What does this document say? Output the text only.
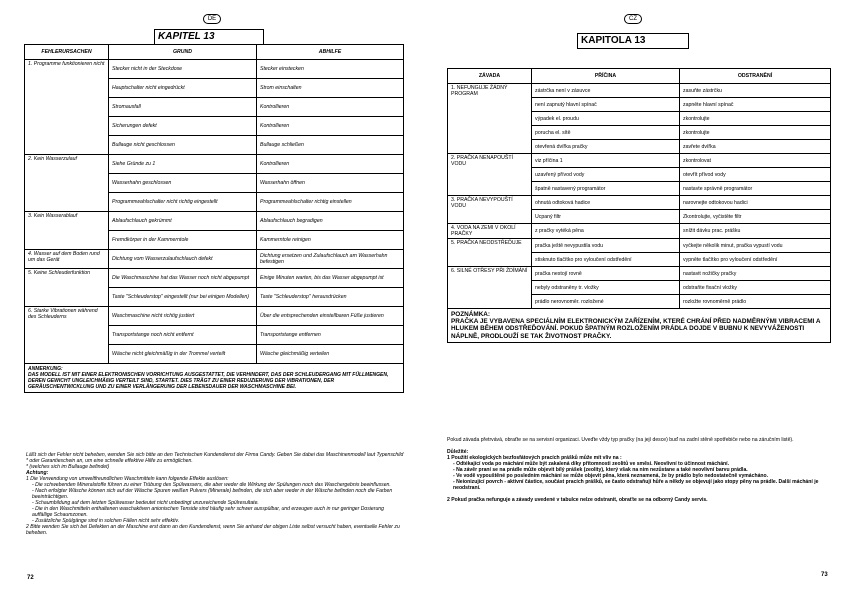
DE
KAPITEL 13
FEHLERURSACHEN	GRUND	ABHILFE
1. Programme funktionieren nicht	Stecker nicht in der Steckdose	Stecker einstecken
	Hauptschalter nicht eingedrückt	Strom einschalten
	Stromausfall	Kontrollieren
	Sicherungen defekt	Kontrollieren
	Bullauge nicht geschlossen	Bullauge schließen
2. Kein Wasserzulauf	Siehe Gründe zu 1	Kontrollieren
	Wasserhahn geschlossen	Wasserhahn öffnen
	Programmwahlschalter nicht richtig eingestellt	Programmwahlschalter richtig einstellen
3. Kein Wasserablauf	Ablaufschlauch gekrümmt	Ablaufschlauch begradigen
	Fremdkörper in der Kammerntole	Kammerntole reinigen
4. Wasser auf dem Boden rund um das Gerät	Dichtung vom Wasserzulaufschlauch defekt	Dichtung ersetzen und Zulaufschlauch am Wasserhahn befestigen
5. Keine Schleuderfunktion	Die Waschmaschine hat das Wasser noch nicht abgepumpt	Einige Minuten warten, bis das Wasser abgepumpt ist
	Taste "Schleuderstop" eingestellt (nur bei einigen Modellen)	Taste "Schleuderstop" herausdrücken
6. Starke Vibrationen während des Schleuderns	Waschmaschine nicht richtig justiert	Über die entsprechenden einstellbaren Füße justieren
	Transportstange noch nicht entfernt	Transportstange entfernen
	Wäsche nicht gleichmäßig in der Trommel verteilt	Wäsche gleichmäßig verteilen

ANMERKUNG:
DAS MODELL IST MIT EINER ELEKTRONISCHEN VORRICHTUNG AUSGESTATTET, DIE VERHINDERT, DAS DER SCHLEUDERGANG MIT FÜLLMENGEN, DEREN GEWICHT UNGLEICHMÄßIG VERTEILT SIND, STARTET. DIES TRÄGT ZU EINER REDUZIERUNG DER VIBRATIONEN, DER GERÄUSCHENTWICKLUNG UND ZU EINER VERLÄNGERUNG DER LEBENSDAUER DER WASCHMASCHINE BEI.		

Läßt sich der Fehler nicht beheben, wenden Sie sich bitte an den Technischen Kundendienst der Firma Candy. Geben Sie dabei das Maschinenmodell laut Typenschild * oder Garantieschein an, um eine schnelle effektive Hilfe zu ermöglichen.

* (welches sich im Bullauge befindet)

Achtung:

1 Die Verwendung von umweltfreundlichen Waschmitteln kann folgende Effekte auslösen:

- Die schwebenden Mineralstoffe führen zu einer Trübung des Spülwassers, die aber weder die Wirkung der Spülungen noch das Waschergebnis beeinflussen.

- Nach erfolgter Wäsche können sich auf der Wäsche Spuren weißen Pulvers (Minerale) befinden, die sich aber weder in der Wäsche befinden noch die Farben beeinträchtigen.

- Schaumbildung auf dem letzten Spülwasser bedeutet nicht unbedingt unzureichende Spülresultate.

- Die in den Waschmitteln enthaltenen waschaktiven anionischen Tenside sind häufig sehr schwer ausspülbar, und erzeugen auch in nur geringer Dosierung auffällige Schaumzonen.

- Zusätzliche Spülgänge sind in solchen Fällen nicht sehr effektiv.

2 Bitte wenden Sie sich bei Defekten an der Maschine erst dann an den Kundendienst, wenn Sie anhand der obigen Liste selbst versucht haben, eventuelle Fehler zu beheben.

72
CZ
KAPITOLA 13
ZÁVADA	PŘÍČINA	ODSTRANĚNÍ
1. NEFUNGUJE ŽÁDNÝ PROGRAM	zástrčka není v zásuvce	zasuňte zástrčku
	není zapnutý hlavní spínač	zapněte hlavní spínač
	výpadek el. proudu	zkontrolujte
	porucha el. sítě	zkontrolujte
	otevřená dvířka pračky	zavřete dvířka
2. PRAČKA NENAPOUŠTÍ VODU	viz příčina 1	zkontrolovat
	uzavřený přívod vody	otevřít přívod vody
	špatně nastavený programátor	nastavte správně programátor
3. PRAČKA NEVYPOUŠTÍ VODU	ohnutá odtoková hadice	narovnejte odtokovou hadici
	Ucpaný filtr	Zkontrolujte, vyčistěte filtr
4. VODA NA ZEMI V OKOLÍ PRAČKY	z pračky vytéká pěna	snížit dávku prac. prášku
5. PRAČKA NEODSTŘEĎUJE	pračka ještě nevypustila vodu	vyčkejte několik minut, pračka vypustí vodu
	stisknuto tlačítko pro vyloučení odstředění	vypněte tlačítko pro vyloučení odstředění
6. SILNÉ OTŘESY PŘI ŽDÍMÁNÍ	pračka nestojí rovně	nastavit nožičky pračky
	nebyly odstraněny tr. vložky	odstraňte fixační vložky
	prádlo nerovnoměr. rozložené	rozložte rovnoměrně prádlo

POZNÁMKA:
PRAČKA JE VYBAVENA SPECIÁLNÍM ELEKTRONICKÝM ZAŘÍZENÍM, KTERÉ CHRÁNÍ PŘED NADMĚRNÝMI VIBRACEMI A HLUKEM BĚHEM ODSTŘEĎOVÁNÍ. POKUD ŠPATNÝM ROZLOŽENÍM PRÁDLA DOJDE V BUBNU K NEVYVÁŽENOSTI NÁPLNĚ, PRODLOUŽÍ SE TAK ŽIVOTNOST PRAČKY.		

Pokud závada přetrvává, obraťte se na servisní organizaci. Uveďte vždy typ pračky (na její desce) buď na zadní stěně spotřebiče nebo na záručním listě).

Důležité:

1 Použití ekologických bezfosfátových pracích prášků může mít vliv na :

- Odtékající voda po máchání může být zakalená díky přítomnosti zeolitů ve směsi. Neovlivní to účinnost máchání.

- Na závěr praní se na prádle může objevit bílý prášek (zeolity), který však na nim nezůstane a také neovlivní barvu prádla.

- Ve vodě vypouštěné po posledním máchání se může objevit pěna, která neznamená, že by prádlo bylo nedostatečně vymácháno.

- Neionizující povrch - aktivní částice, součást pracích prášků, se často odstraňují hůře a někdy se objevují jako stopy pěny na prádle. Další máchání je neodstraní.

2 Pokud pračka nefunguje a závady uvedené v tabulce nelze odstranit, obraťte se na odborný Candy servis.

73
